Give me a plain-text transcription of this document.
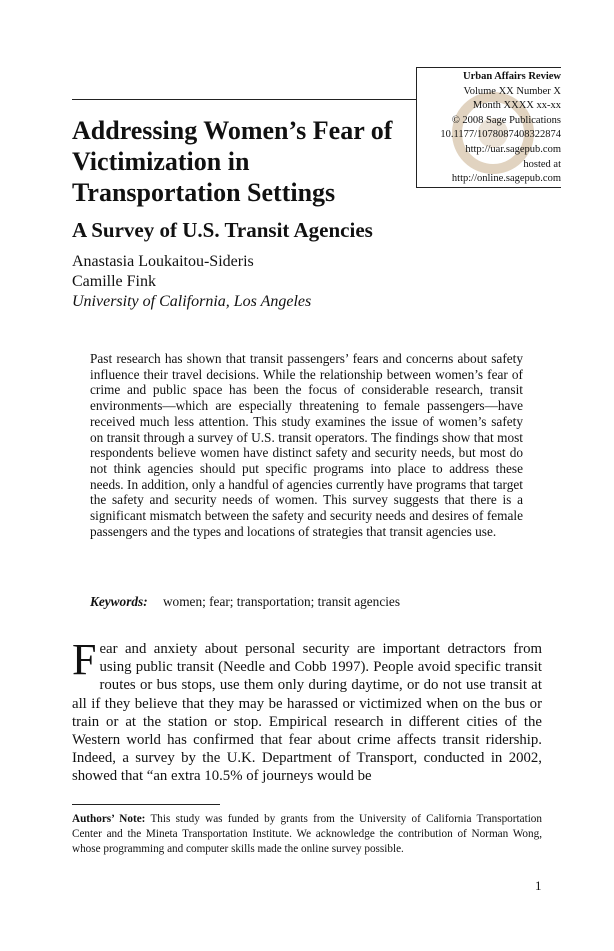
Urban Affairs Review
Volume XX Number X
Month XXXX xx-xx
© 2008 Sage Publications
10.1177/1078087408322874
http://uar.sagepub.com
hosted at
http://online.sagepub.com
Addressing Women’s Fear of Victimization in Transportation Settings
A Survey of U.S. Transit Agencies
Anastasia Loukaitou-Sideris
Camille Fink
University of California, Los Angeles

Past research has shown that transit passengers’ fears and concerns about safety influence their travel decisions. While the relationship between women’s fear of crime and public space has been the focus of considerable research, transit environments—which are especially threatening to female passengers—have received much less attention. This study examines the issue of women’s safety on transit through a survey of U.S. transit operators. The findings show that most respondents believe women have distinct safety and security needs, but most do not think agencies should put specific programs into place to address these needs. In addition, only a handful of agencies currently have programs that target the safety and security needs of women. This survey suggests that there is a significant mismatch between the safety and security needs and desires of female passengers and the types and locations of strategies that transit agencies use.

Keywords: women; fear; transportation; transit agencies

Fear and anxiety about personal security are important detractors from using public transit (Needle and Cobb 1997). People avoid specific transit routes or bus stops, use them only during daytime, or do not use transit at all if they believe that they may be harassed or victimized when on the bus or train or at the station or stop. Empirical research in different cities of the Western world has confirmed that fear about crime affects transit ridership. Indeed, a survey by the U.K. Department of Transport, conducted in 2002, showed that “an extra 10.5% of journeys would be

Authors’ Note: This study was funded by grants from the University of California Transportation Center and the Mineta Transportation Institute. We acknowledge the contribution of Norman Wong, whose programming and computer skills made the online survey possible.

1
